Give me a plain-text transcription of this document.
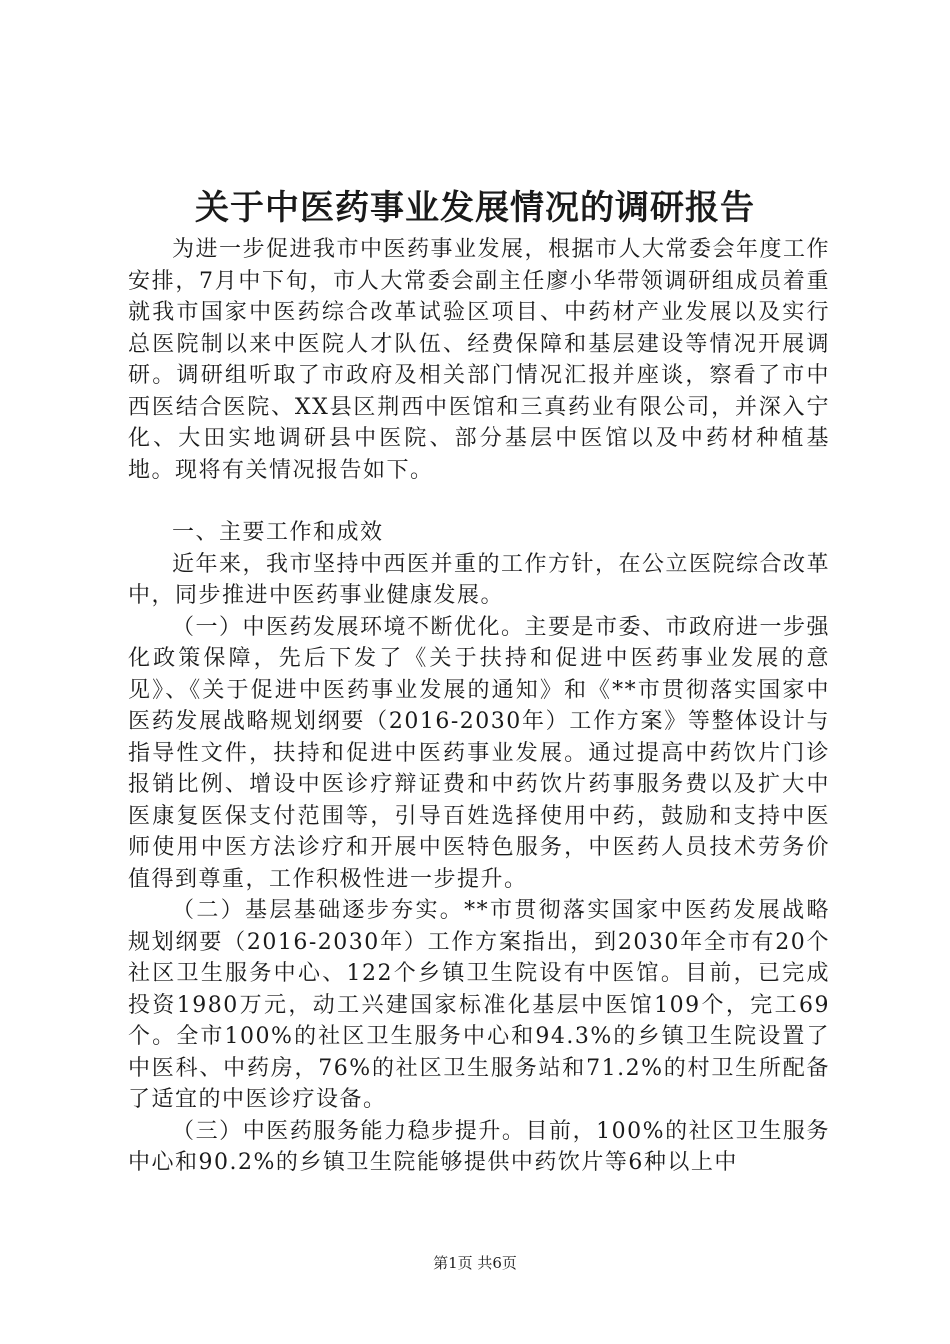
关于中医药事业发展情况的调研报告

为进一步促进我市中医药事业发展，根据市人大常委会年度工作安排，7月中下旬，市人大常委会副主任廖小华带领调研组成员着重就我市国家中医药综合改革试验区项目、中药材产业发展以及实行总医院制以来中医院人才队伍、经费保障和基层建设等情况开展调研。调研组听取了市政府及相关部门情况汇报并座谈，察看了市中西医结合医院、XX县区荆西中医馆和三真药业有限公司，并深入宁化、大田实地调研县中医院、部分基层中医馆以及中药材种植基地。现将有关情况报告如下。

一、主要工作和成效

近年来，我市坚持中西医并重的工作方针，在公立医院综合改革中，同步推进中医药事业健康发展。

（一）中医药发展环境不断优化。主要是市委、市政府进一步强化政策保障，先后下发了《关于扶持和促进中医药事业发展的意见》、《关于促进中医药事业发展的通知》和《**市贯彻落实国家中医药发展战略规划纲要（2016-2030年）工作方案》等整体设计与指导性文件，扶持和促进中医药事业发展。通过提高中药饮片门诊报销比例、增设中医诊疗辩证费和中药饮片药事服务费以及扩大中医康复医保支付范围等，引导百姓选择使用中药，鼓励和支持中医师使用中医方法诊疗和开展中医特色服务，中医药人员技术劳务价值得到尊重，工作积极性进一步提升。

（二）基层基础逐步夯实。**市贯彻落实国家中医药发展战略规划纲要（2016-2030年）工作方案指出，到2030年全市有20个社区卫生服务中心、122个乡镇卫生院设有中医馆。目前，已完成投资1980万元，动工兴建国家标准化基层中医馆109个，完工69个。全市100%的社区卫生服务中心和94.3%的乡镇卫生院设置了中医科、中药房，76%的社区卫生服务站和71.2%的村卫生所配备了适宜的中医诊疗设备。

（三）中医药服务能力稳步提升。目前，100%的社区卫生服务中心和90.2%的乡镇卫生院能够提供中药饮片等6种以上中

第1页 共6页
